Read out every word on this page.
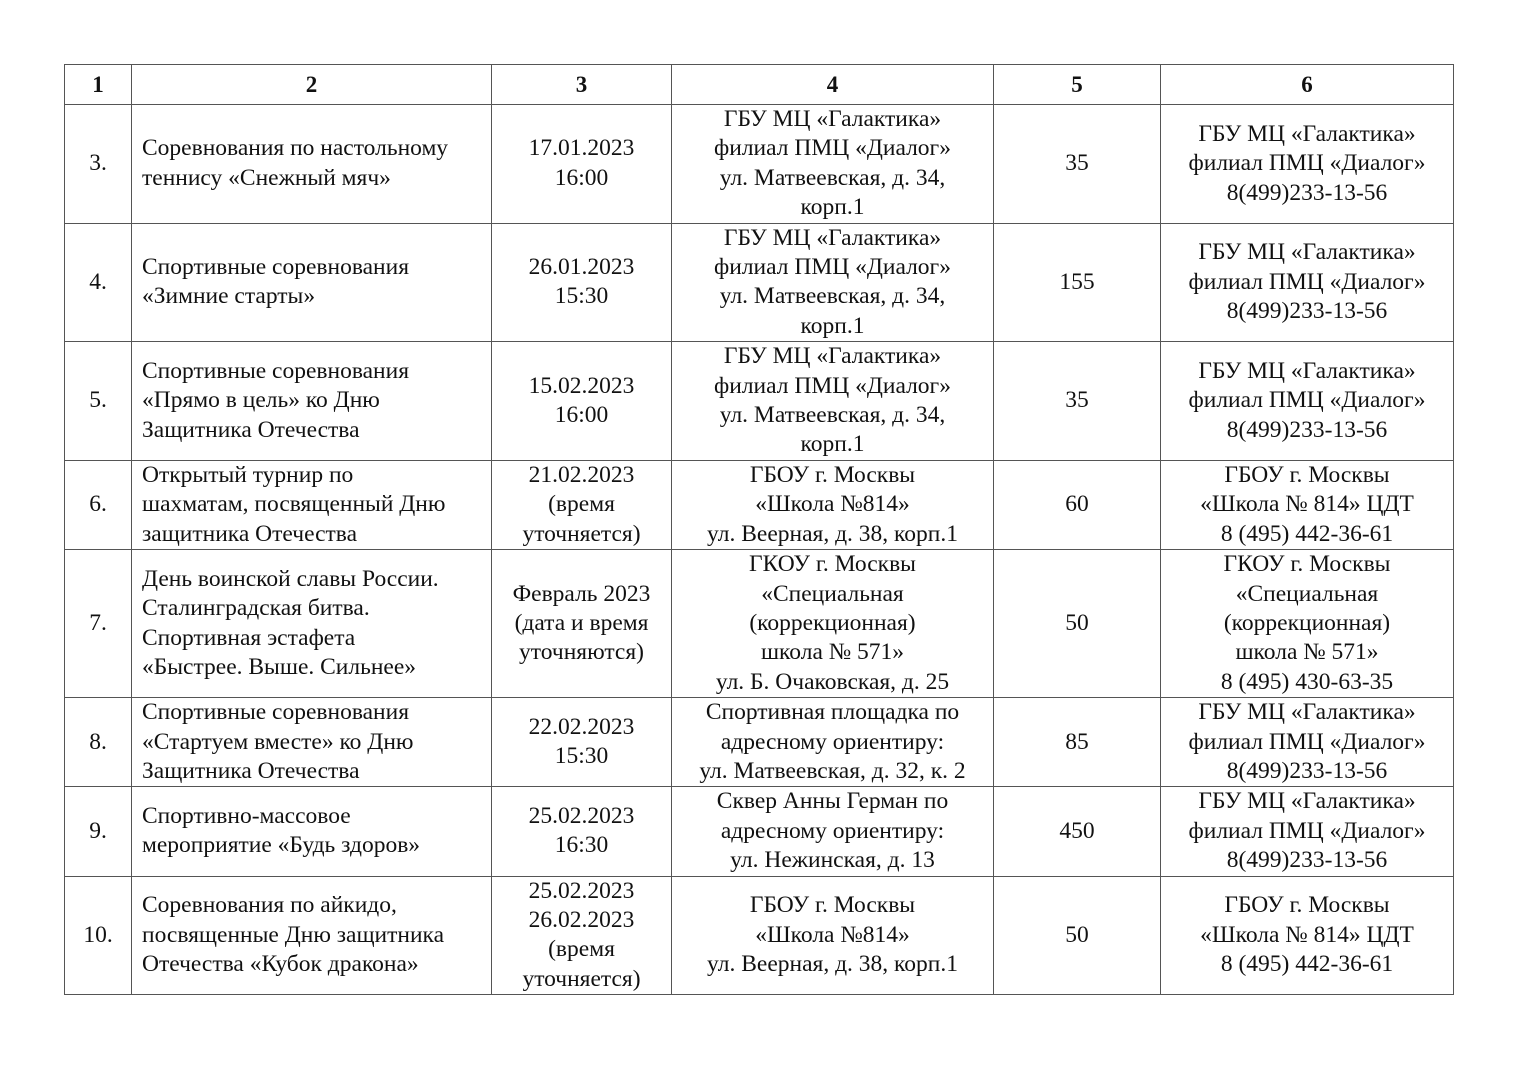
1	2	3	4	5	6
3.	Соревнования по настольному
теннису «Снежный мяч»	17.01.2023
16:00	ГБУ МЦ «Галактика»
филиал ПМЦ «Диалог»
ул. Матвеевская, д. 34,
корп.1	35	ГБУ МЦ «Галактика»
филиал ПМЦ «Диалог»
8(499)233-13-56

4.	Спортивные соревнования
«Зимние старты»	26.01.2023
15:30	ГБУ МЦ «Галактика»
филиал ПМЦ «Диалог»
ул. Матвеевская, д. 34,
корп.1	155	ГБУ МЦ «Галактика»
филиал ПМЦ «Диалог»
8(499)233-13-56

5.	Спортивные соревнования
«Прямо в цель» ко Дню
Защитника Отечества	15.02.2023
16:00	ГБУ МЦ «Галактика»
филиал ПМЦ «Диалог»
ул. Матвеевская, д. 34,
корп.1	35	ГБУ МЦ «Галактика»
филиал ПМЦ «Диалог»
8(499)233-13-56

6.	Открытый турнир по
шахматам, посвященный Дню
защитника Отечества	21.02.2023
(время
уточняется)	ГБОУ г. Москвы
«Школа №814»
ул. Веерная, д. 38, корп.1	60	ГБОУ г. Москвы
«Школа № 814» ЦДТ
8 (495) 442-36-61

7.	День воинской славы России.
Сталинградская битва.
Спортивная эстафета
«Быстрее. Выше. Сильнее»	Февраль 2023
(дата и время
уточняются)	ГКОУ г. Москвы
«Специальная
(коррекционная)
школа № 571»
ул. Б. Очаковская, д. 25	50	ГКОУ г. Москвы
«Специальная
(коррекционная)
школа № 571»
8 (495) 430-63-35

8.	Спортивные соревнования
«Стартуем вместе» ко Дню
Защитника Отечества	22.02.2023
15:30	Спортивная площадка по
адресному ориентиру:
ул. Матвеевская, д. 32, к. 2	85	ГБУ МЦ «Галактика»
филиал ПМЦ «Диалог»
8(499)233-13-56

9.	Спортивно-массовое
мероприятие «Будь здоров»	25.02.2023
16:30	Сквер Анны Герман по
адресному ориентиру:
ул. Нежинская, д. 13	450	ГБУ МЦ «Галактика»
филиал ПМЦ «Диалог»
8(499)233-13-56

10.	Соревнования по айкидо,
посвященные Дню защитника
Отечества «Кубок дракона»	25.02.2023
26.02.2023
(время
уточняется)	ГБОУ г. Москвы
«Школа №814»
ул. Веерная, д. 38, корп.1	50	ГБОУ г. Москвы
«Школа № 814» ЦДТ
8 (495) 442-36-61
